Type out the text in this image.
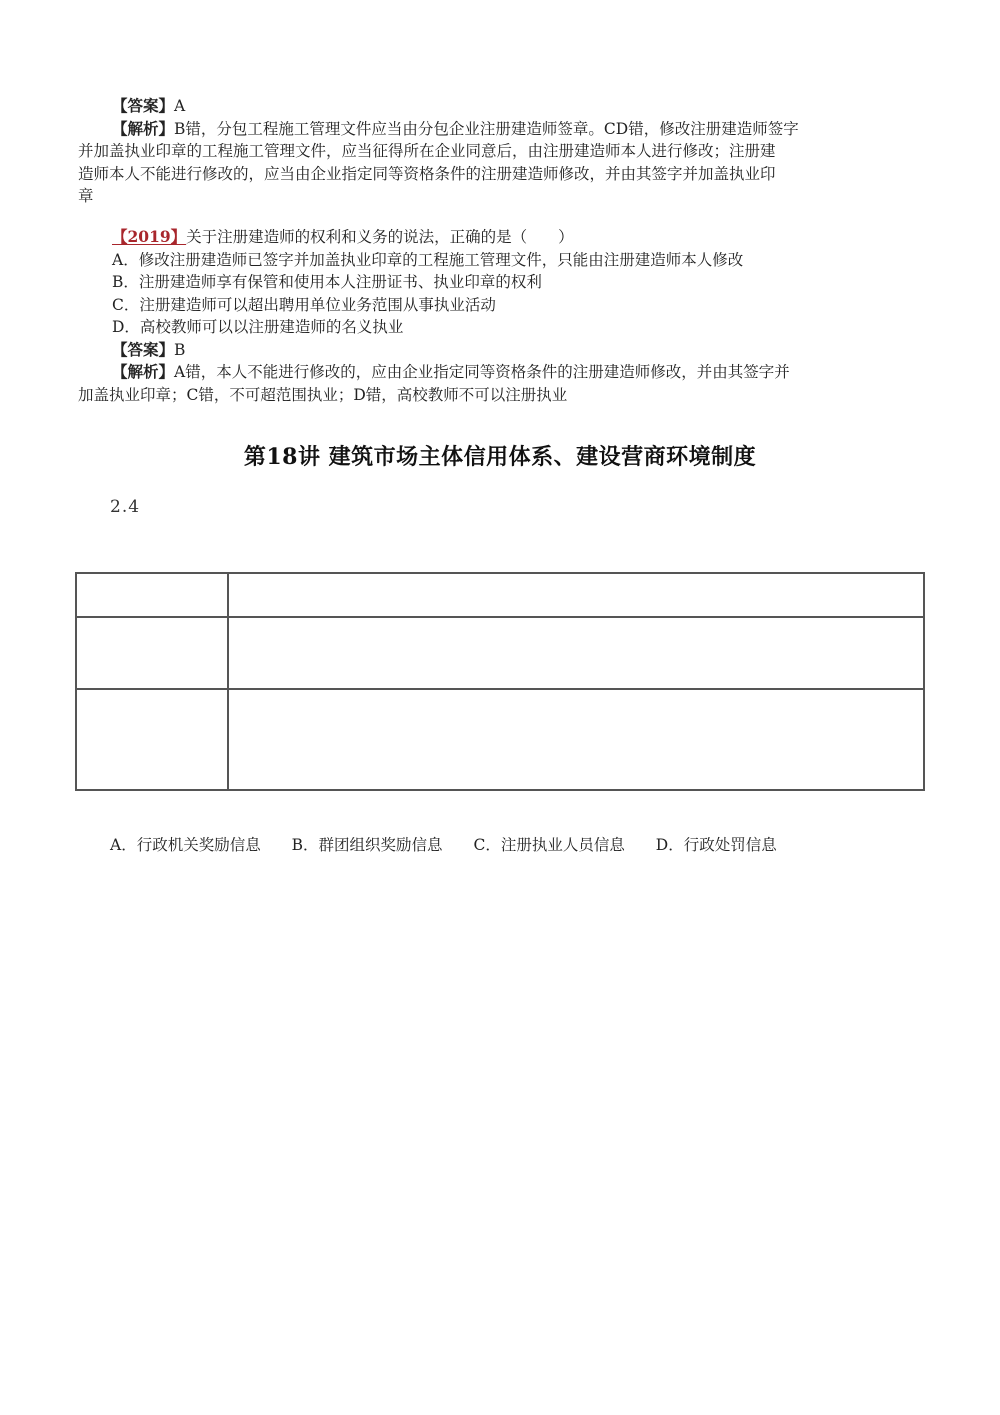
【答案】A
【解析】B错，分包工程施工管理文件应当由分包企业注册建造师签章。CD错，修改注册建造师签字
并加盖执业印章的工程施工管理文件，应当征得所在企业同意后，由注册建造师本人进行修改；注册建
造师本人不能进行修改的，应当由企业指定同等资格条件的注册建造师修改，并由其签字并加盖执业印
章
【2019】关于注册建造师的权利和义务的说法，正确的是（　　）
A．修改注册建造师已签字并加盖执业印章的工程施工管理文件，只能由注册建造师本人修改
B．注册建造师享有保管和使用本人注册证书、执业印章的权利
C．注册建造师可以超出聘用单位业务范围从事执业活动
D．高校教师可以以注册建造师的名义执业
【答案】B
【解析】A错，本人不能进行修改的，应由企业指定同等资格条件的注册建造师修改，并由其签字并
加盖执业印章；C错，不可超范围执业；D错，高校教师不可以注册执业
第18讲 建筑市场主体信用体系、建设营商环境制度
2.4

A．行政机关奖励信息 B．群团组织奖励信息 C．注册执业人员信息 D．行政处罚信息
